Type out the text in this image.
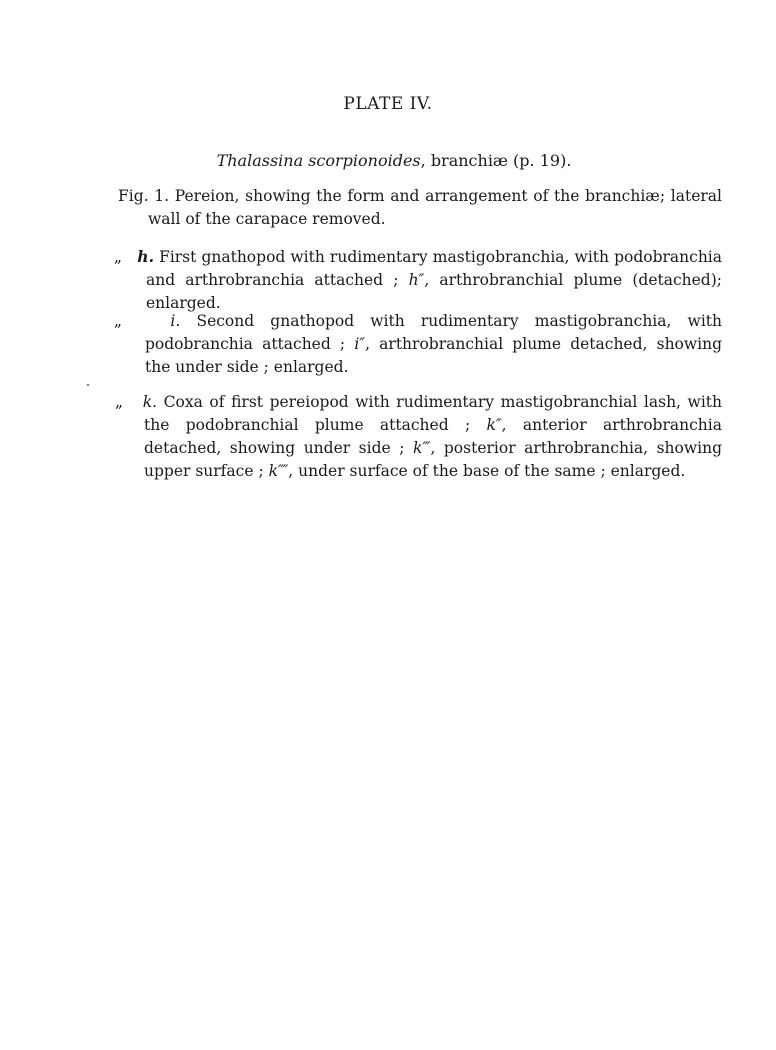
PLATE IV.
Thalassina scorpionoides, branchiæ (p. 19).
Fig. 1. Pereion, showing the form and arrangement of the branchiæ; lateral wall of the carapace removed.
„ h. First gnathopod with rudimentary mastigobranchia, with podobranchia and arthrobranchia attached ; h″, arthrobranchial plume (detached); enlarged.
„	i. Second gnathopod with rudimentary mastigobranchia, with podobranchia attached ; i″, arthrobranchial plume detached, showing the under side ; enlarged.
„ k. Coxa of first pereiopod with rudimentary mastigobranchial lash, with the podobranchial plume attached ; k″, anterior arthrobranchia detached, showing under side ; k‴, posterior arthrobranchia, showing upper surface ; k⁗, under surface of the base of the same ; enlarged.
